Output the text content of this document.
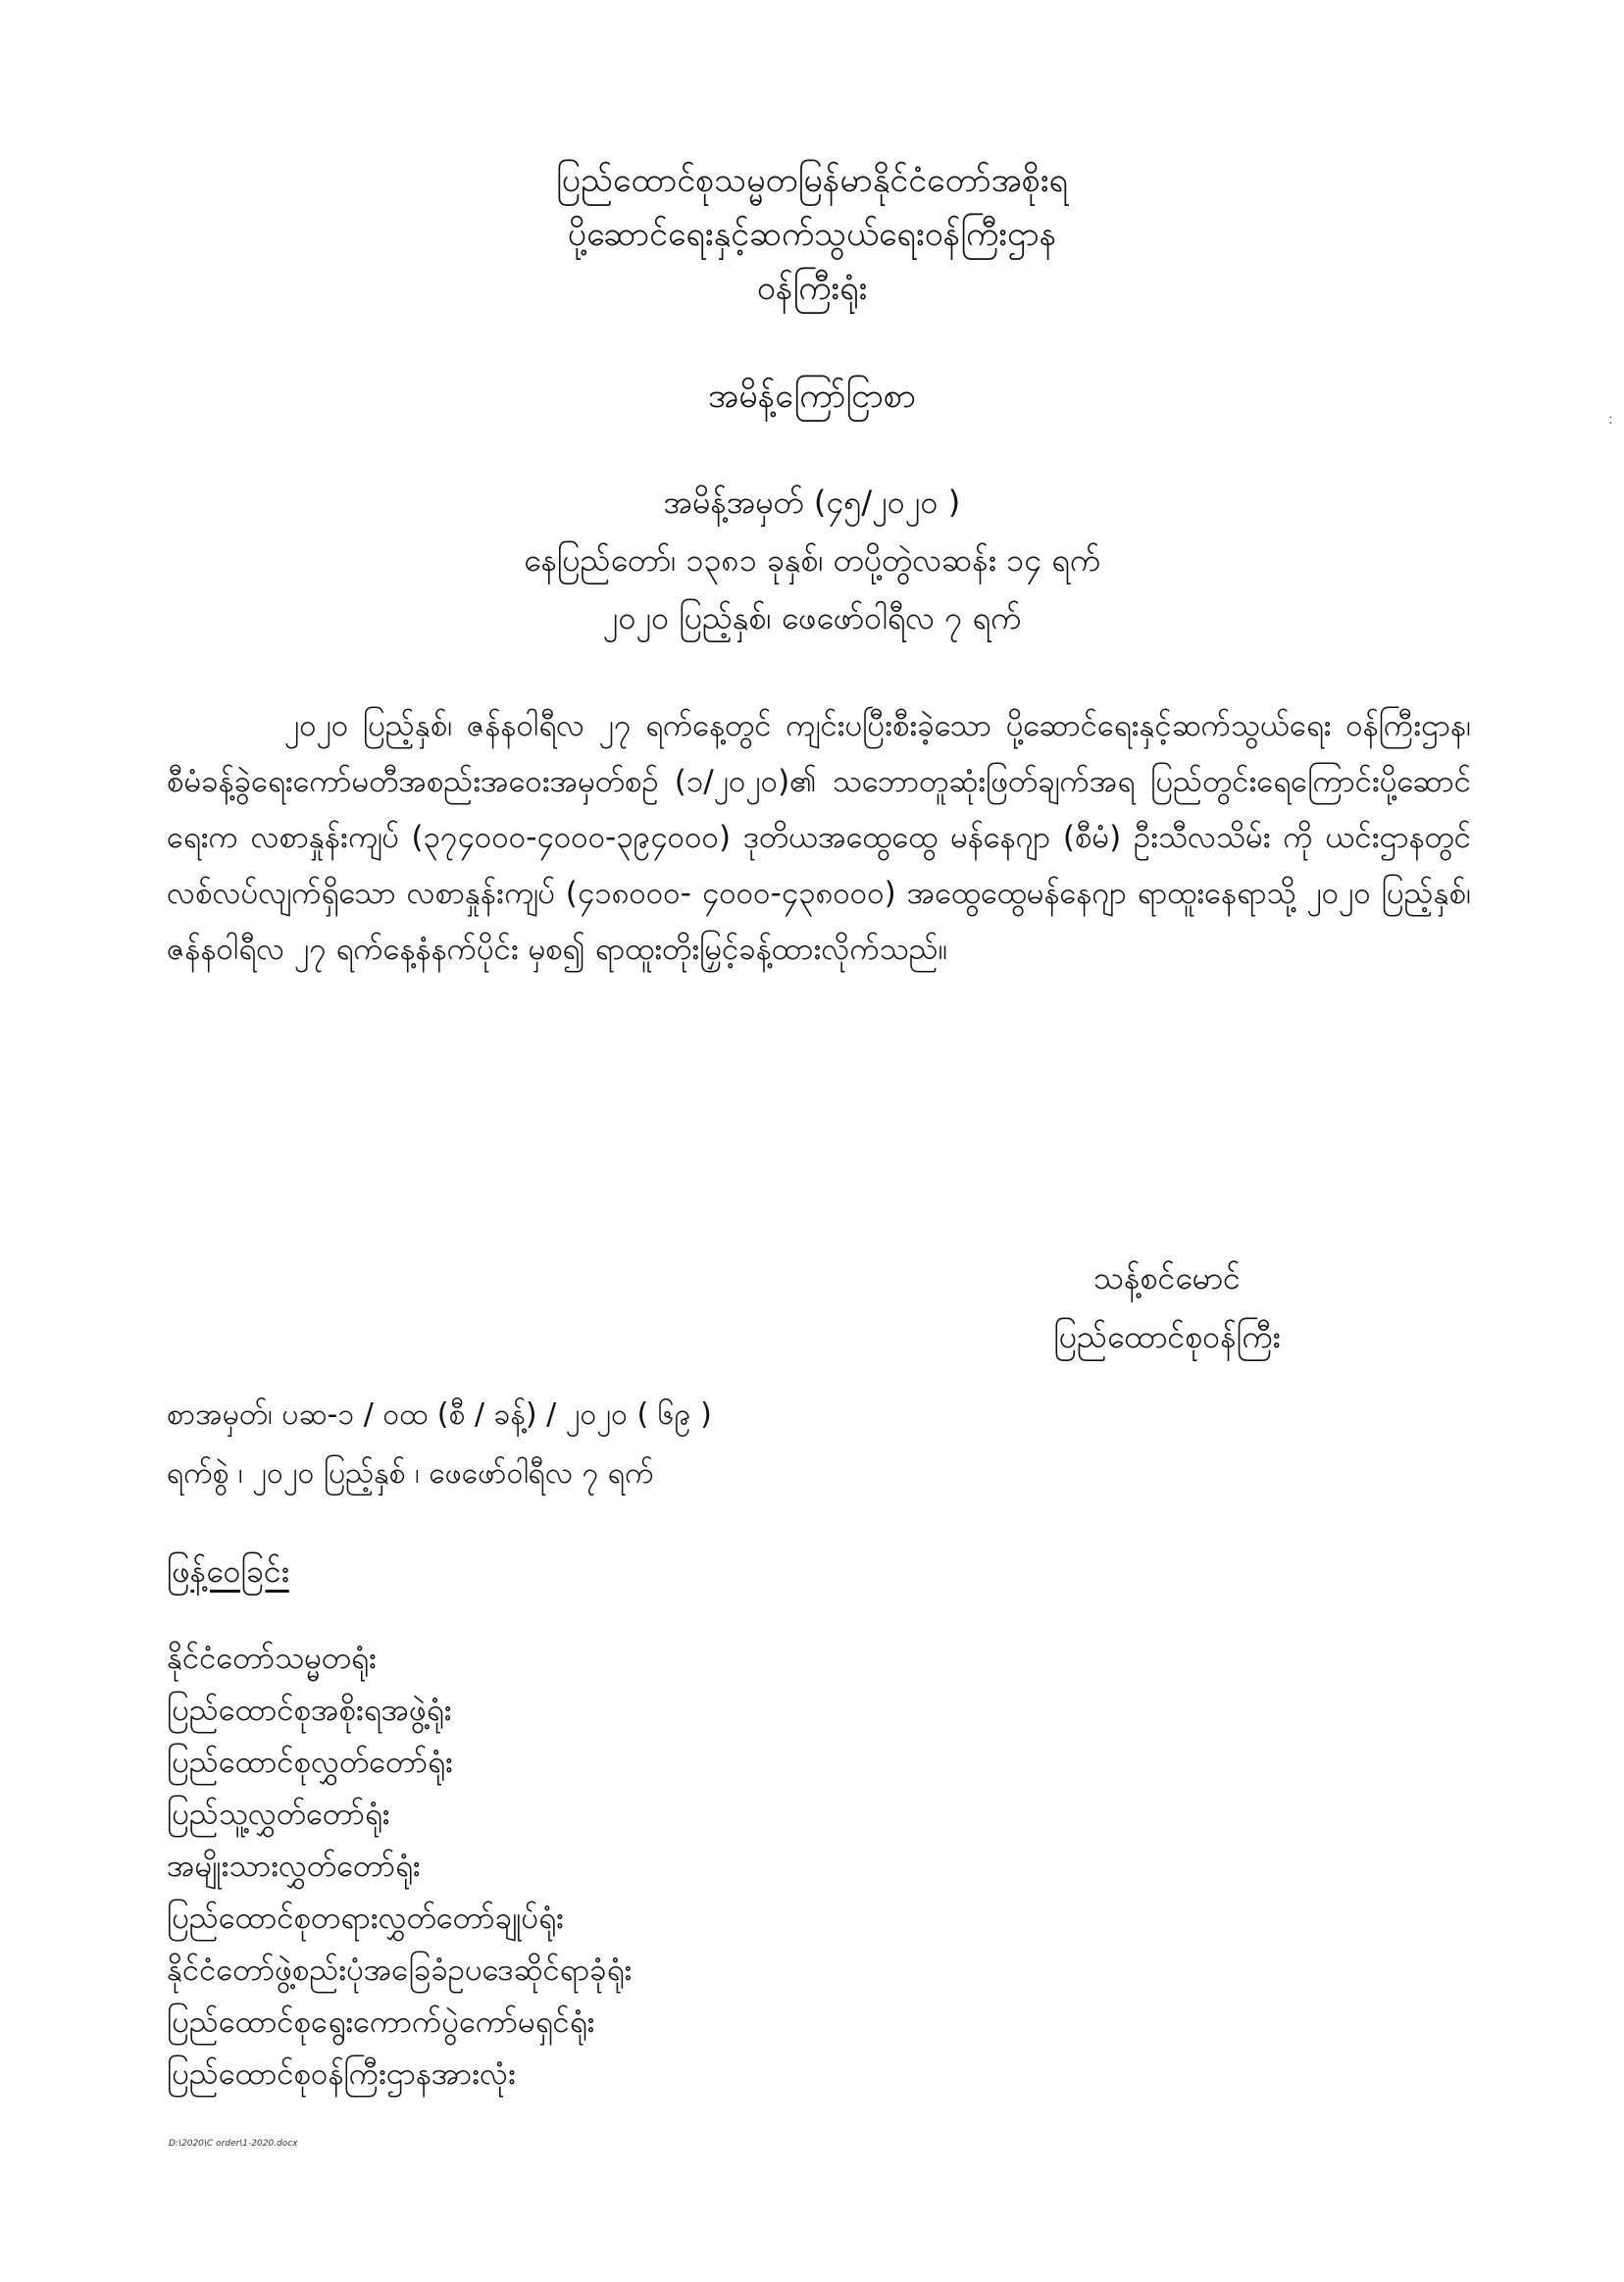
ပြည်ထောင်စုသမ္မတမြန်မာနိုင်ငံတော်အစိုးရ

ပို့ဆောင်ရေးနှင့်ဆက်သွယ်ရေးဝန်ကြီးဌာန

ဝန်ကြီးရုံး

အမိန့်ကြော်ငြာစာ

အမိန့်အမှတ် (၄၅/၂၀၂၀ )

နေပြည်တော်၊ ၁၃၈၁ ခုနှစ်၊ တပို့တွဲလဆန်း ၁၄ ရက်

၂၀၂၀ ပြည့်နှစ်၊ ဖေဖော်ဝါရီလ ၇ ရက်

၂၀၂၀ ပြည့်နှစ်၊ ဇန်နဝါရီလ ၂၇ ရက်နေ့တွင် ကျင်းပပြီးစီးခဲ့သော ပို့ဆောင်ရေးနှင့်ဆက်သွယ်ရေး ဝန်ကြီးဌာန၊ စီမံခန့်ခွဲရေးကော်မတီအစည်းအဝေးအမှတ်စဉ် (၁/၂၀၂၀)၏ သဘောတူဆုံးဖြတ်ချက်အရ ပြည်တွင်းရေကြောင်းပို့ဆောင်ရေးက လစာနှုန်းကျပ် (၃၇၄၀၀၀-၄၀၀၀-၃၉၄၀၀၀) ဒုတိယအထွေထွေ မန်နေဂျာ (စီမံ) ဦးသီလသိမ်း ကို ယင်းဌာနတွင် လစ်လပ်လျက်ရှိသော လစာနှုန်းကျပ် (၄၁၈၀၀၀- ၄၀၀၀-၄၃၈၀၀၀) အထွေထွေမန်နေဂျာ ရာထူးနေရာသို့ ၂၀၂၀ ပြည့်နှစ်၊ ဇန်နဝါရီလ ၂၇ ရက်နေ့နံနက်ပိုင်း မှစ၍ ရာထူးတိုးမြှင့်ခန့်ထားလိုက်သည်။

သန့်စင်မောင်

ပြည်ထောင်စုဝန်ကြီး

စာအမှတ်၊ ပဆ-၁ / ဝထ (စီ / ခန့်) / ၂၀၂၀ ( ၆၉ )

ရက်စွဲ ၊ ၂၀၂၀ ပြည့်နှစ် ၊ ဖေဖော်ဝါရီလ ၇ ရက်

ဖြန့်ဝေခြင်း

နိုင်ငံတော်သမ္မတရုံး
ပြည်ထောင်စုအစိုးရအဖွဲ့ရုံး
ပြည်ထောင်စုလွှတ်တော်ရုံး
ပြည်သူ့လွှတ်တော်ရုံး
အမျိုးသားလွှတ်တော်ရုံး
ပြည်ထောင်စုတရားလွှတ်တော်ချုပ်ရုံး
နိုင်ငံတော်ဖွဲ့စည်းပုံအခြေခံဥပဒေဆိုင်ရာခုံရုံး
ပြည်ထောင်စုရွေးကောက်ပွဲကော်မရှင်ရုံး
ပြည်ထောင်စုဝန်ကြီးဌာနအားလုံး

D:\2020\C order\1-2020.docx

:
